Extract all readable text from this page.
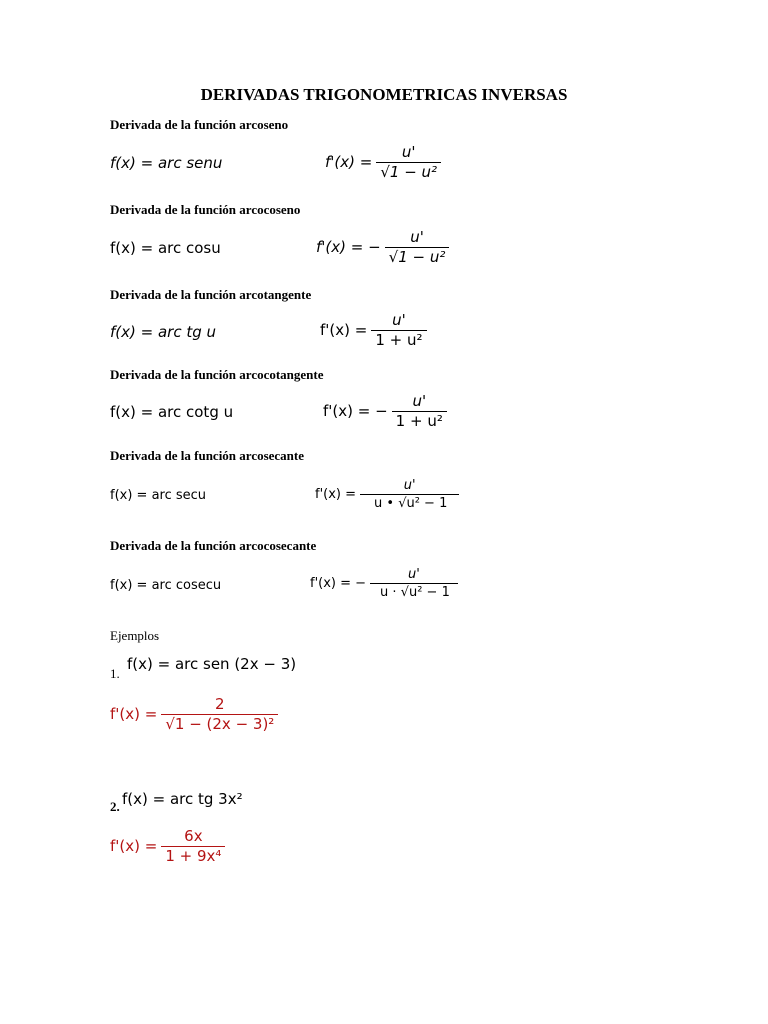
DERIVADAS TRIGONOMETRICAS INVERSAS
Derivada de la función arcoseno
f(x) = arc senu	$f'(x) = \frac{u'}{\text{√1 − u²}}$
Derivada de la función arcocoseno
f(x) = arc cosu	f'(x) = − $\frac{u'}{\text{√1 − u²}}$
Derivada de la función arcotangente
f(x) = arc tg u	$f'(x) = \frac{u'}{\text{1 + u²}}$
Derivada de la función arcocotangente
f(x) = arc cotg u	f'(x) = − $\frac{u'}{\text{1 + u²}}$
Derivada de la función arcosecante
f(x) = arc secu	$f'(x) = \frac{u'}{\text{u • √u² − 1}}$
Derivada de la función arcocosecante
f(x) = arc cosecu	f'(x) = − $\frac{u'}{\text{u · √u² − 1}}$
Ejemplos
1.
f(x) = arc sen (2x − 3)
$f'(x) = \frac{2}{\text{√1 − (2x − 3)²}}$
2. f(x) = arc tg 3x²
$f'(x) = \frac{6x}{\text{1 + 9x⁴}}$
